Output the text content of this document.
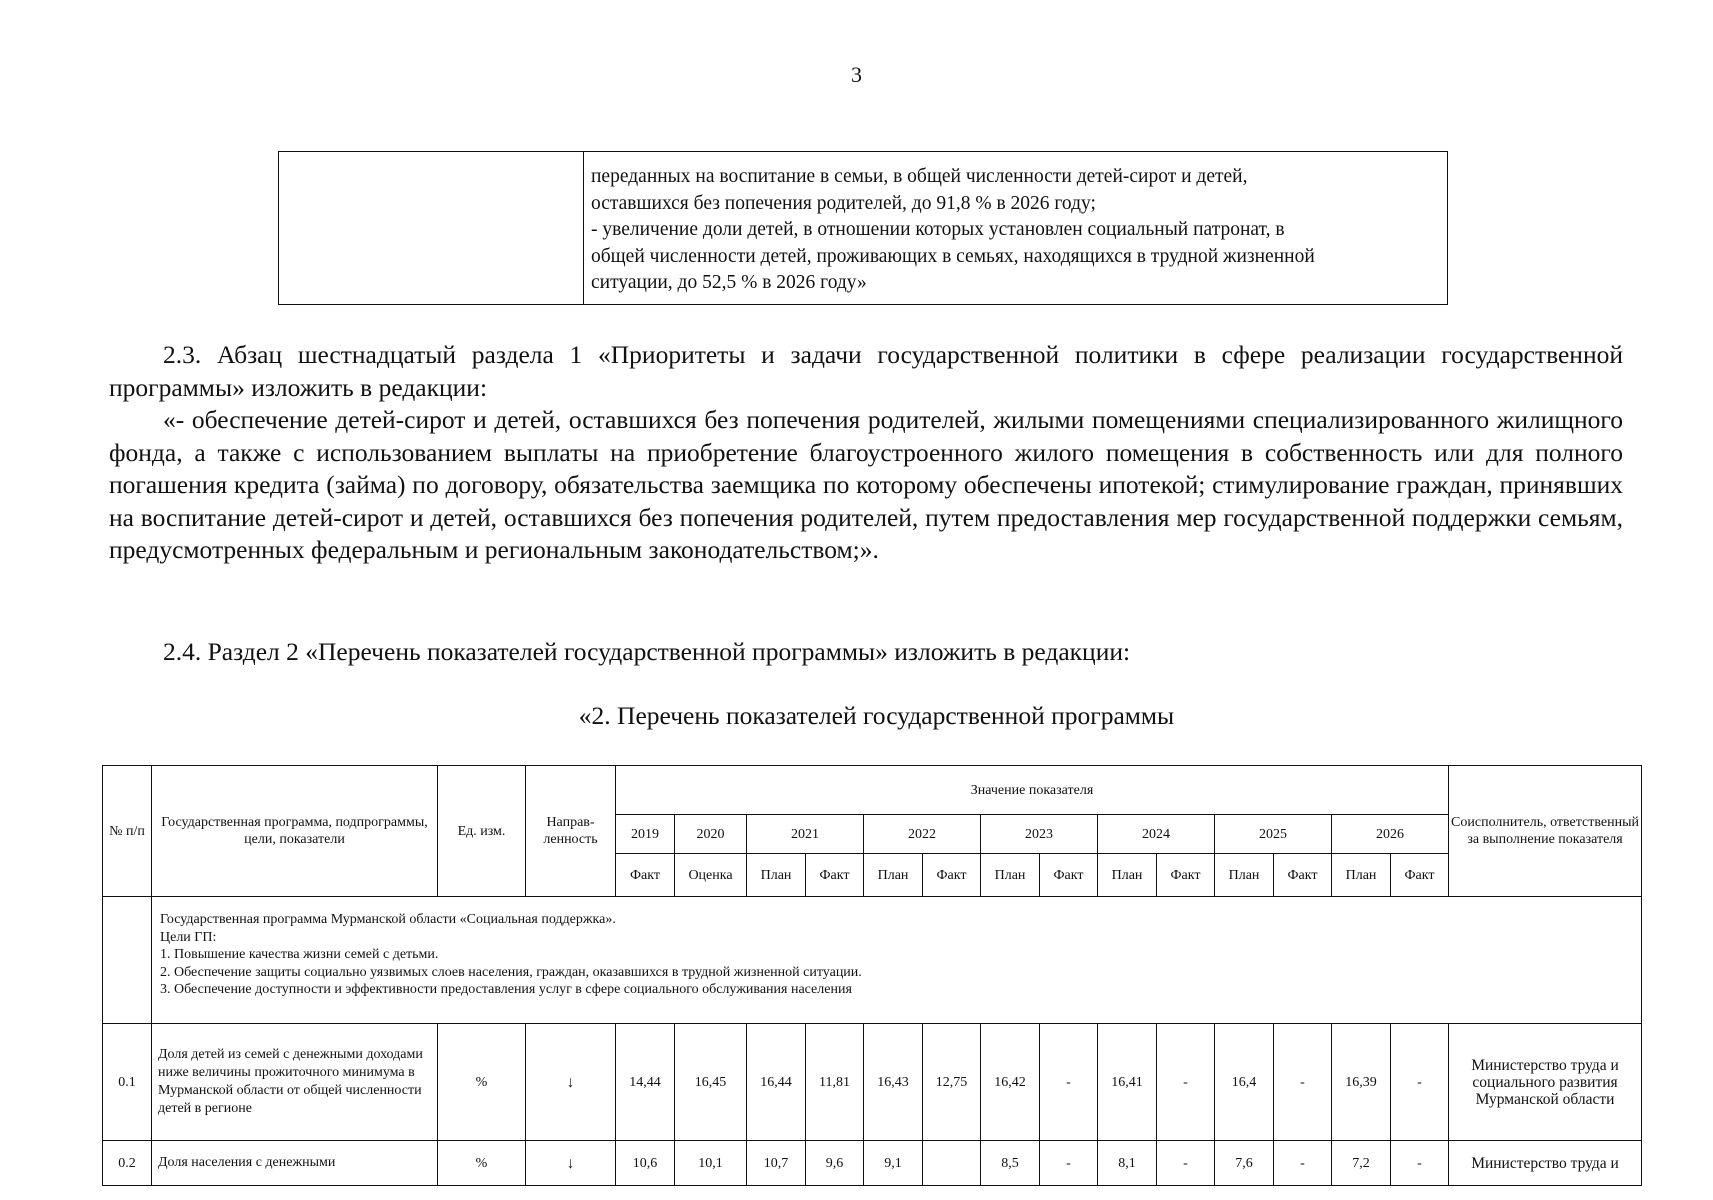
3

переданных на воспитание в семьи, в общей численности детей-сирот и детей,
оставшихся без попечения родителей, до 91,8 % в 2026 году;
- увеличение доли детей, в отношении которых установлен социальный патронат, в
общей численности детей, проживающих в семьях, находящихся в трудной жизненной
ситуации, до 52,5 % в 2026 году»
2.3. Абзац шестнадцатый раздела 1 «Приоритеты и задачи государственной политики в сфере реализации государственной программы» изложить в редакции:
«- обеспечение детей-сирот и детей, оставшихся без попечения родителей, жилыми помещениями специализированного жилищного фонда, а также с использованием выплаты на приобретение благоустроенного жилого помещения в собственность или для полного погашения кредита (займа) по договору, обязательства заемщика по которому обеспечены ипотекой; стимулирование граждан, принявших на воспитание детей-сирот и детей, оставшихся без попечения родителей, путем предоставления мер государственной поддержки семьям, предусмотренных федеральным и региональным законодательством;».
2.4. Раздел 2 «Перечень показателей государственной программы» изложить в редакции:
«2. Перечень показателей государственной программы
№ п/п	Государственная программа, подпрограммы, цели, показатели	Ед. изм.	Направ-ленность	Значение показателя														Соисполнитель, ответственный за выполнение показателя
				2019	2020	2021		2022		2023		2024		2025		2026		
				Факт	Оценка	План	Факт	План	Факт	План	Факт	План	Факт	План	Факт	План	Факт	

	Государственная программа Мурманской области «Социальная поддержка».
Цели ГП:
1. Повышение качества жизни семей с детьми.
2. Обеспечение защиты социально уязвимых слоев населения, граждан, оказавшихся в трудной жизненной ситуации.
3. Обеспечение доступности и эффективности предоставления услуг в сфере социального обслуживания населения																	

0.1	Доля детей из семей с денежными доходами ниже величины прожиточного минимума в Мурманской области от общей численности детей в регионе	%	↓	14,44	16,45	16,44	11,81	16,43	12,75	16,42	-	16,41	-	16,4	-	16,39	-	Министерство труда и социального развития Мурманской области
0.2	Доля населения с денежными	%	↓	10,6	10,1	10,7	9,6	9,1		8,5	-	8,1	-	7,6	-	7,2	-	Министерство труда и
